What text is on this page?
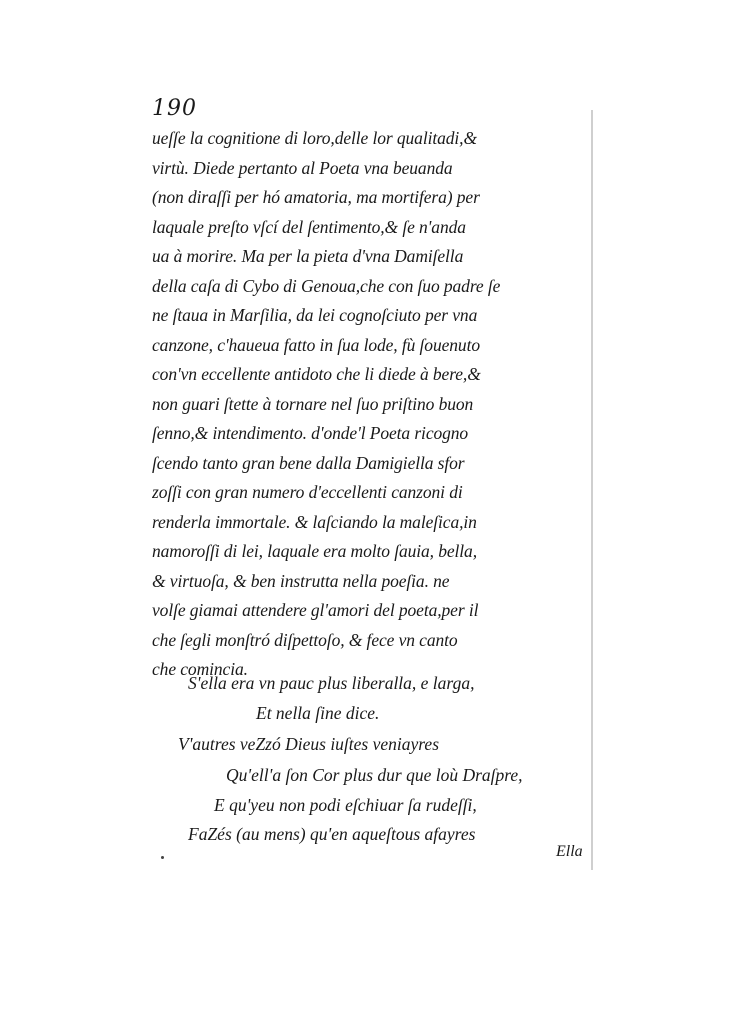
190
ueſſe la cognitione di loro,delle lor qualitadi,&
virtù. Diede pertanto al Poeta vna beuanda
(non diraſſi per hó amatoria, ma mortifera) per
laquale preſto vſcí del ſentimento,& ſe n'anda
ua à morire. Ma per la pieta d'vna Damiſella
della caſa di Cybo di Genoua,che con ſuo padre ſe
ne ſtaua in Marſilia, da lei cognoſciuto per vna
canzone, c'haueua fatto in ſua lode, fù ſouenuto
con'vn eccellente antidoto che li diede à bere,&
non guari ſtette à tornare nel ſuo priſtino buon
ſenno,& intendimento. d'onde'l Poeta ricogno
ſcendo tanto gran bene dalla Damigiella sfor
zoſſi con gran numero d'eccellenti canzoni di
renderla immortale. & laſciando la maleſica,in
namoroſſi di lei, laquale era molto ſauia, bella,
& virtuoſa, & ben instrutta nella poeſia. ne
volſe giamai attendere gl'amori del poeta,per il
che ſegli monſtró diſpettoſo, & fece vn canto
che comincia.
S'ella era vn pauc plus liberalla, e larga,
Et nella ſine dice.
V'autres veZzó Dieus iuſtes veniayres
Qu'ell'a ſon Cor plus dur que loù Draſpre,
E qu'yeu non podi eſchiuar ſa rudeſſi,
FaZés (au mens) qu'en aqueſtous afayres
Ella
